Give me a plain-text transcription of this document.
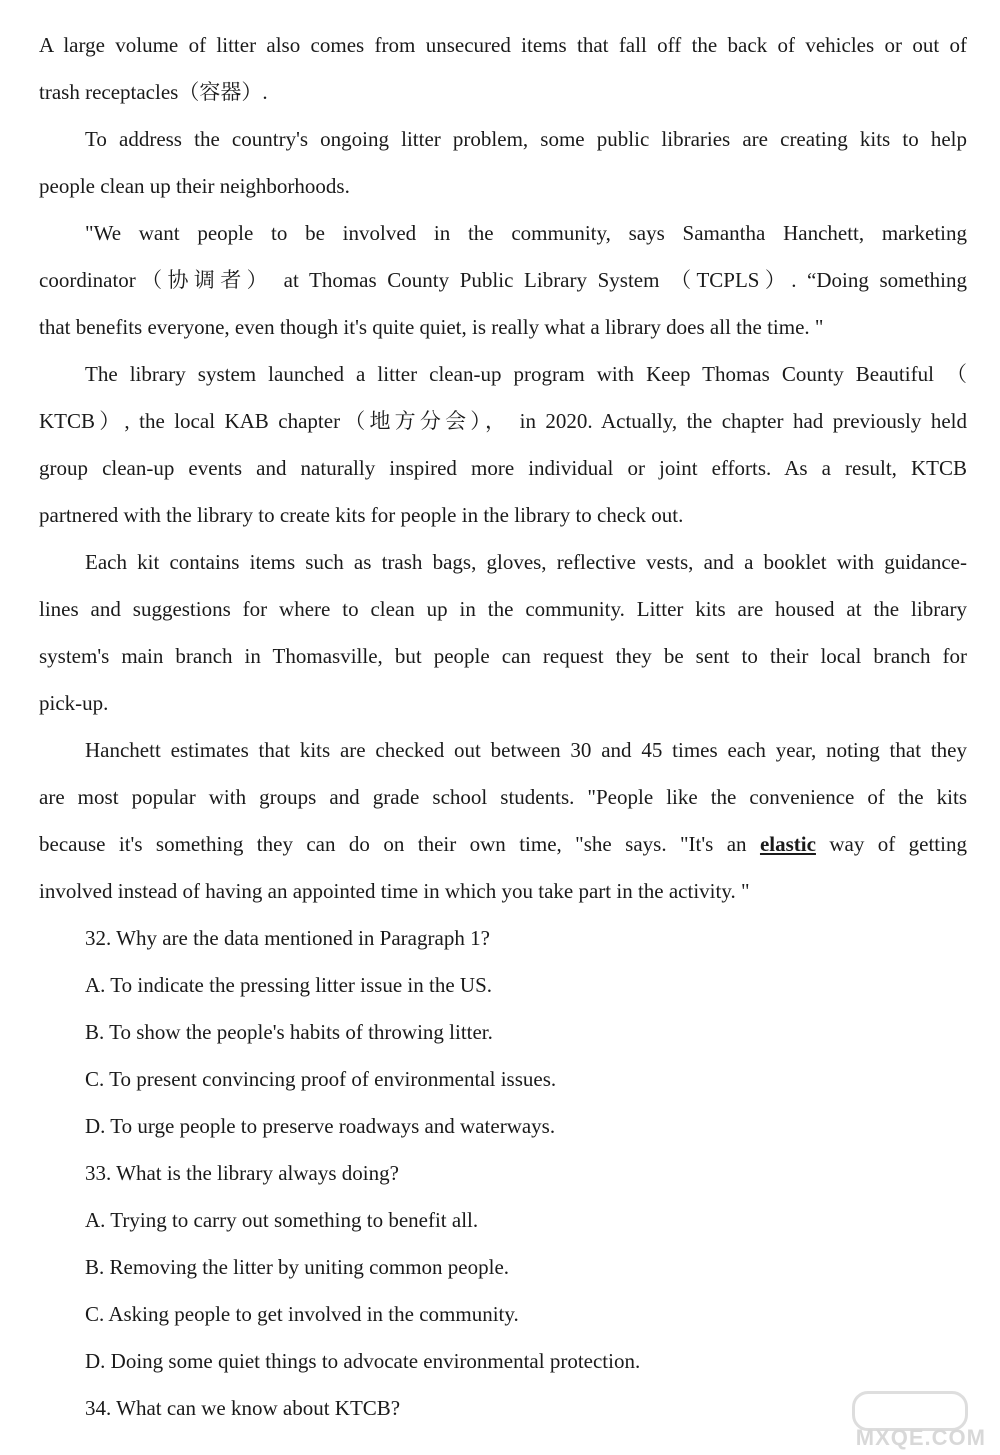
A large volume of litter also comes from unsecured items that fall off the back of vehicles or out of
trash receptacles（容器）.
To address the country's ongoing litter problem, some public libraries are creating kits to help
people clean up their neighborhoods.
"We want people to be involved in the community, says Samantha Hanchett, marketing
coordinator（协调者） at Thomas County Public Library System （TCPLS）. “Doing something
that benefits everyone, even though it's quite quiet, is really what a library does all the time. "
The library system launched a litter clean-up program with Keep Thomas County Beautiful （
KTCB）, the local KAB chapter（地方分会）， in 2020. Actually, the chapter had previously held
group clean-up events and naturally inspired more individual or joint efforts. As a result, KTCB
partnered with the library to create kits for people in the library to check out.
Each kit contains items such as trash bags, gloves, reflective vests, and a booklet with guidance-
lines and suggestions for where to clean up in the community. Litter kits are housed at the library
system's main branch in Thomasville, but people can request they be sent to their local branch for
pick-up.
Hanchett estimates that kits are checked out between 30 and 45 times each year, noting that they
are most popular with groups and grade school students. "People like the convenience of the kits
because it's something they can do on their own time, "she says. "It's an elastic way of getting
involved instead of having an appointed time in which you take part in the activity. "
32. Why are the data mentioned in Paragraph 1?
A. To indicate the pressing litter issue in the US.
B. To show the people's habits of throwing litter.
C. To present convincing proof of environmental issues.
D. To urge people to preserve roadways and waterways.
33. What is the library always doing?
A. Trying to carry out something to benefit all.
B. Removing the litter by uniting common people.
C. Asking people to get involved in the community.
D. Doing some quiet things to advocate environmental protection.
34. What can we know about KTCB?
MXQE.COM
